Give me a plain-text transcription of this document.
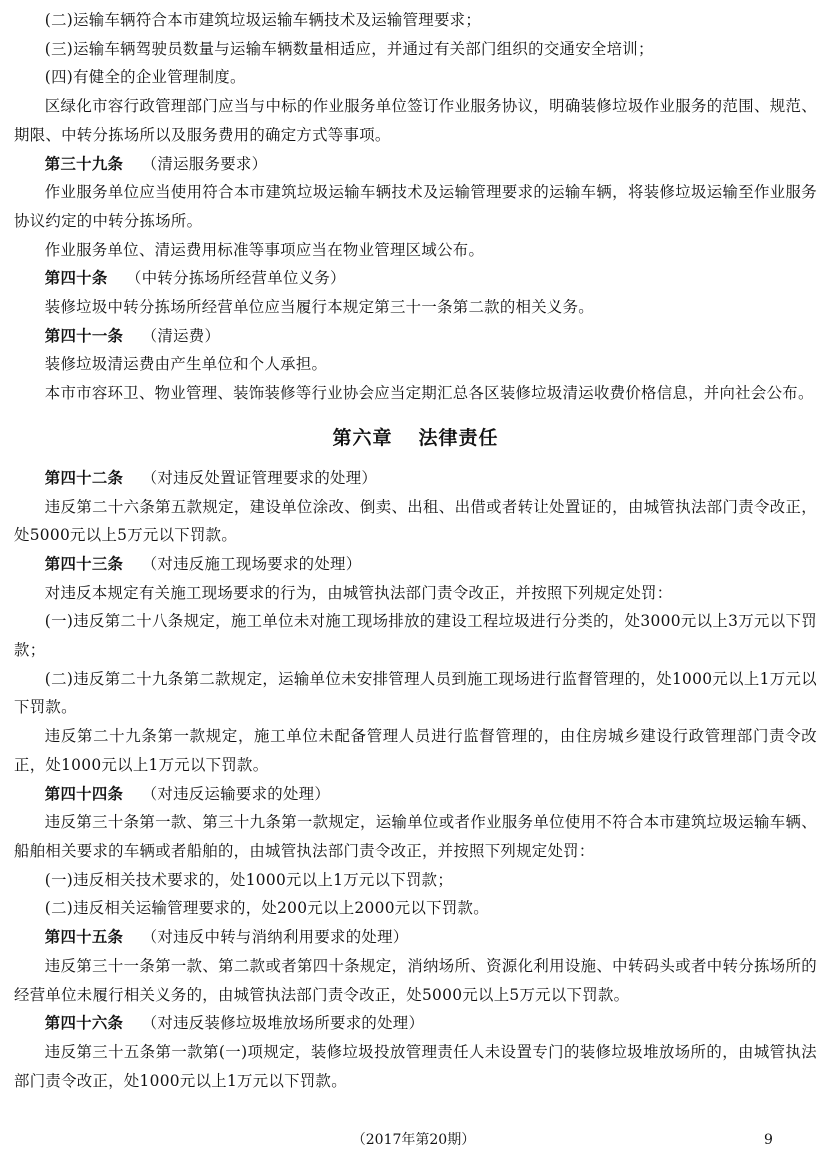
(二)运输车辆符合本市建筑垃圾运输车辆技术及运输管理要求；

(三)运输车辆驾驶员数量与运输车辆数量相适应，并通过有关部门组织的交通安全培训；

(四)有健全的企业管理制度。

区绿化市容行政管理部门应当与中标的作业服务单位签订作业服务协议，明确装修垃圾作业服务的范围、规范、期限、中转分拣场所以及服务费用的确定方式等事项。

第三十九条 （清运服务要求）

作业服务单位应当使用符合本市建筑垃圾运输车辆技术及运输管理要求的运输车辆，将装修垃圾运输至作业服务协议约定的中转分拣场所。

作业服务单位、清运费用标准等事项应当在物业管理区域公布。

第四十条 （中转分拣场所经营单位义务）

装修垃圾中转分拣场所经营单位应当履行本规定第三十一条第二款的相关义务。

第四十一条 （清运费）

装修垃圾清运费由产生单位和个人承担。

本市市容环卫、物业管理、装饰装修等行业协会应当定期汇总各区装修垃圾清运收费价格信息，并向社会公布。

第六章 法律责任

第四十二条 （对违反处置证管理要求的处理）

违反第二十六条第五款规定，建设单位涂改、倒卖、出租、出借或者转让处置证的，由城管执法部门责令改正，处5000元以上5万元以下罚款。

第四十三条 （对违反施工现场要求的处理）

对违反本规定有关施工现场要求的行为，由城管执法部门责令改正，并按照下列规定处罚：

(一)违反第二十八条规定，施工单位未对施工现场排放的建设工程垃圾进行分类的，处3000元以上3万元以下罚款；

(二)违反第二十九条第二款规定，运输单位未安排管理人员到施工现场进行监督管理的，处1000元以上1万元以下罚款。

违反第二十九条第一款规定，施工单位未配备管理人员进行监督管理的，由住房城乡建设行政管理部门责令改正，处1000元以上1万元以下罚款。

第四十四条 （对违反运输要求的处理）

违反第三十条第一款、第三十九条第一款规定，运输单位或者作业服务单位使用不符合本市建筑垃圾运输车辆、船舶相关要求的车辆或者船舶的，由城管执法部门责令改正，并按照下列规定处罚：

(一)违反相关技术要求的，处1000元以上1万元以下罚款；

(二)违反相关运输管理要求的，处200元以上2000元以下罚款。

第四十五条 （对违反中转与消纳利用要求的处理）

违反第三十一条第一款、第二款或者第四十条规定，消纳场所、资源化利用设施、中转码头或者中转分拣场所的经营单位未履行相关义务的，由城管执法部门责令改正，处5000元以上5万元以下罚款。

第四十六条 （对违反装修垃圾堆放场所要求的处理）

违反第三十五条第一款第(一)项规定，装修垃圾投放管理责任人未设置专门的装修垃圾堆放场所的，由城管执法部门责令改正，处1000元以上1万元以下罚款。

（2017年第20期）	9
